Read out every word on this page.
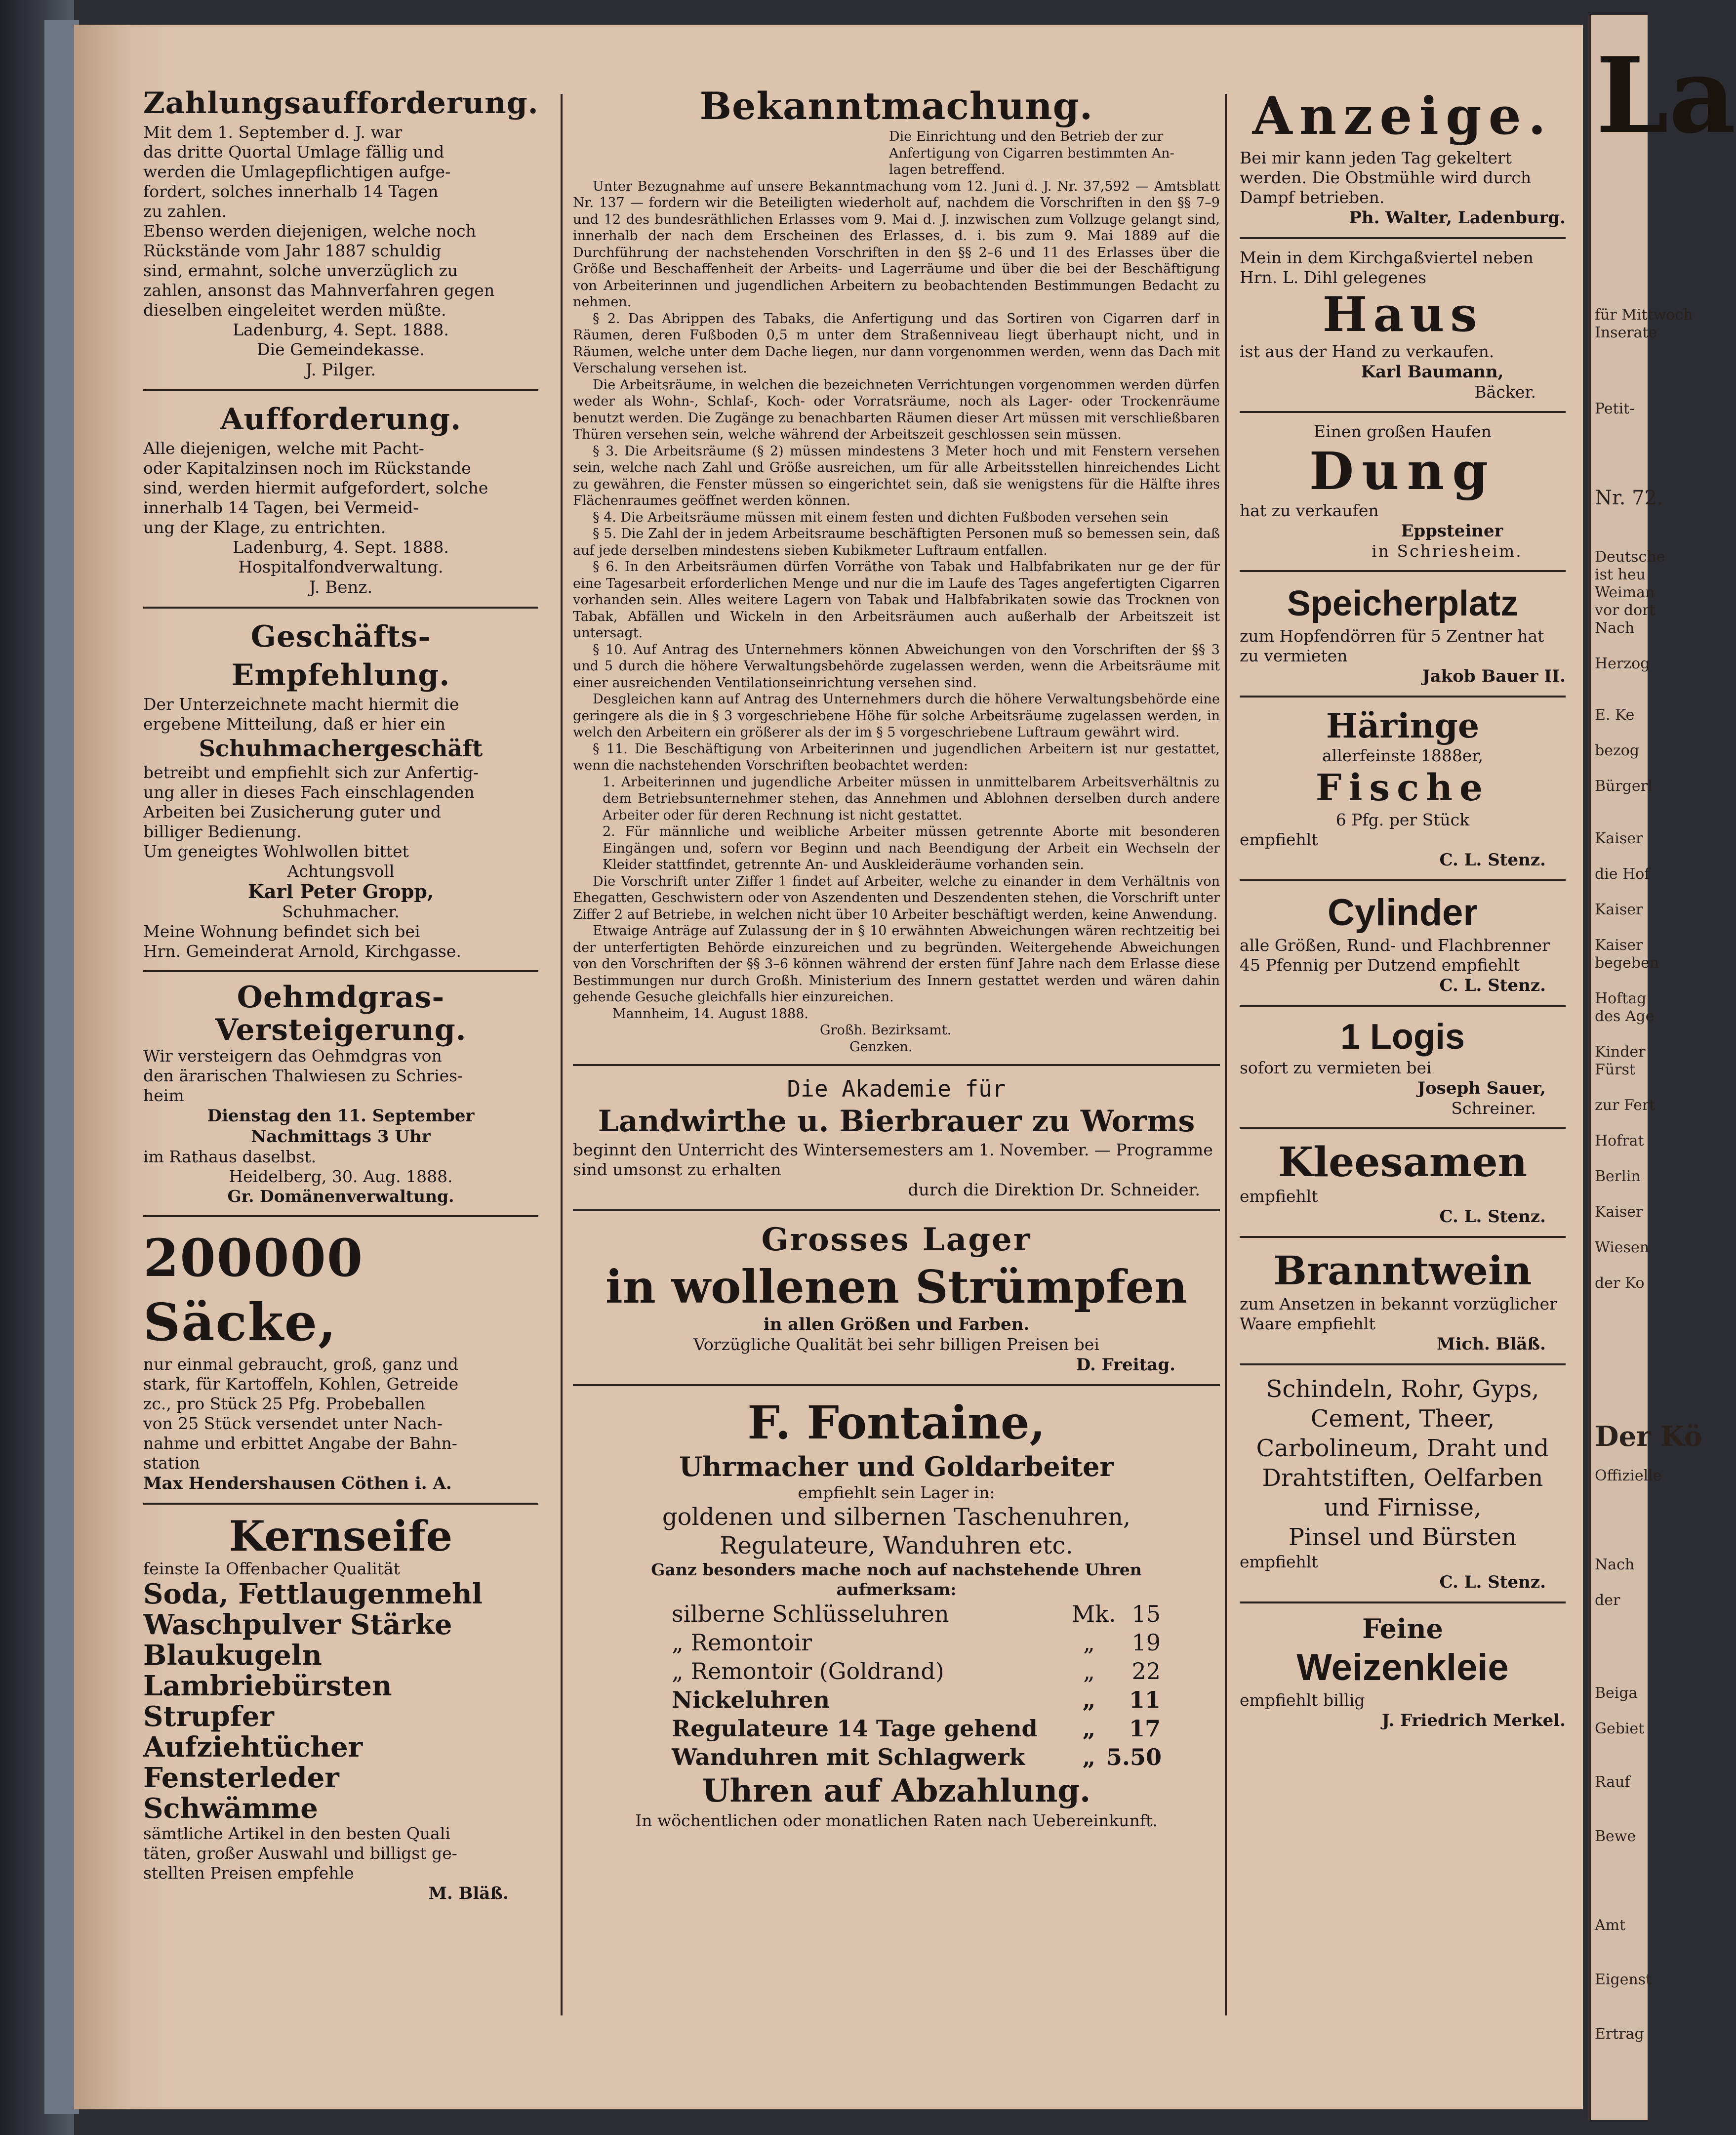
Zahlungsaufforderung.
Mit dem 1. September d. J. war
das dritte Quortal Umlage fällig und
werden die Umlagepflichtigen aufge-
fordert, solches innerhalb 14 Tagen
zu zahlen.
Ebenso werden diejenigen, welche noch
Rückstände vom Jahr 1887 schuldig
sind, ermahnt, solche unverzüglich zu
zahlen, ansonst das Mahnverfahren gegen
dieselben eingeleitet werden müßte.
Ladenburg, 4. Sept. 1888.
Die Gemeindekasse.
J. Pilger.
Aufforderung.
Alle diejenigen, welche mit Pacht-
oder Kapitalzinsen noch im Rückstande
sind, werden hiermit aufgefordert, solche
innerhalb 14 Tagen, bei Vermeid-
ung der Klage, zu entrichten.
Ladenburg, 4. Sept. 1888.
Hospitalfondverwaltung.
J. Benz.
Geschäfts-Empfehlung.
Der Unterzeichnete macht hiermit die
ergebene Mitteilung, daß er hier ein
Schuhmachergeschäft
betreibt und empfiehlt sich zur Anfertig-
ung aller in dieses Fach einschlagenden
Arbeiten bei Zusicherung guter und
billiger Bedienung.
Um geneigtes Wohlwollen bittet
Achtungsvoll
Karl Peter Gropp,
Schuhmacher.
Meine Wohnung befindet sich bei
Hrn. Gemeinderat Arnold, Kirchgasse.
Oehmdgras-
Versteigerung.
Wir versteigern das Oehmdgras von
den ärarischen Thalwiesen zu Schries-
heim
Dienstag den 11. September
Nachmittags 3 Uhr
im Rathaus daselbst.
Heidelberg, 30. Aug. 1888.
Gr. Domänenverwaltung.
200000 Säcke,
nur einmal gebraucht, groß, ganz und
stark, für Kartoffeln, Kohlen, Getreide
zc., pro Stück 25 Pfg. Probeballen
von 25 Stück versendet unter Nach-
nahme und erbittet Angabe der Bahn-
station
Max Hendershausen Cöthen i. A.
Kernseife
feinste Ia Offenbacher Qualität
Soda, Fettlaugenmehl
Waschpulver Stärke
Blaukugeln
Lambriebürsten
Strupfer
Aufziehtücher
Fensterleder
Schwämme
sämtliche Artikel in den besten Quali
täten, großer Auswahl und billigst ge-
stellten Preisen empfehle
M. Bläß.
Bekanntmachung.
Die Einrichtung und den Betrieb der zur
Anfertigung von Cigarren bestimmten An-
lagen betreffend.

Unter Bezugnahme auf unsere Bekanntmachung vom 12. Juni d. J. Nr. 37,592 — Amtsblatt Nr. 137 — fordern wir die Beteiligten wiederholt auf, nachdem die Vorschriften in den §§ 7–9 und 12 des bundesräthlichen Erlasses vom 9. Mai d. J. inzwischen zum Vollzuge gelangt sind, innerhalb der nach dem Erscheinen des Erlasses, d. i. bis zum 9. Mai 1889 auf die Durchführung der nachstehenden Vorschriften in den §§ 2–6 und 11 des Erlasses über die Größe und Beschaffenheit der Arbeits- und Lagerräume und über die bei der Beschäftigung von Arbeiterinnen und jugendlichen Arbeitern zu beobachtenden Bestimmungen Bedacht zu nehmen.

§ 2. Das Abrippen des Tabaks, die Anfertigung und das Sortiren von Cigarren darf in Räumen, deren Fußboden 0,5 m unter dem Straßenniveau liegt überhaupt nicht, und in Räumen, welche unter dem Dache liegen, nur dann vorgenommen werden, wenn das Dach mit Verschalung versehen ist.

Die Arbeitsräume, in welchen die bezeichneten Verrichtungen vorgenommen werden dürfen weder als Wohn-, Schlaf-, Koch- oder Vorratsräume, noch als Lager- oder Trockenräume benutzt werden. Die Zugänge zu benachbarten Räumen dieser Art müssen mit verschließbaren Thüren versehen sein, welche während der Arbeitszeit geschlossen sein müssen.

§ 3. Die Arbeitsräume (§ 2) müssen mindestens 3 Meter hoch und mit Fenstern versehen sein, welche nach Zahl und Größe ausreichen, um für alle Arbeitsstellen hinreichendes Licht zu gewähren, die Fenster müssen so eingerichtet sein, daß sie wenigstens für die Hälfte ihres Flächenraumes geöffnet werden können.

§ 4. Die Arbeitsräume müssen mit einem festen und dichten Fußboden versehen sein

§ 5. Die Zahl der in jedem Arbeitsraume beschäftigten Personen muß so bemessen sein, daß auf jede derselben mindestens sieben Kubikmeter Luftraum entfallen.

§ 6. In den Arbeitsräumen dürfen Vorräthe von Tabak und Halbfabrikaten nur ge der für eine Tagesarbeit erforderlichen Menge und nur die im Laufe des Tages angefertigten Cigarren vorhanden sein. Alles weitere Lagern von Tabak und Halbfabrikaten sowie das Trocknen von Tabak, Abfällen und Wickeln in den Arbeitsräumen auch außerhalb der Arbeitszeit ist untersagt.

§ 10. Auf Antrag des Unternehmers können Abweichungen von den Vorschriften der §§ 3 und 5 durch die höhere Verwaltungsbehörde zugelassen werden, wenn die Arbeitsräume mit einer ausreichenden Ventilationseinrichtung versehen sind.

Desgleichen kann auf Antrag des Unternehmers durch die höhere Verwaltungsbehörde eine geringere als die in § 3 vorgeschriebene Höhe für solche Arbeitsräume zugelassen werden, in welch den Arbeitern ein größerer als der im § 5 vorgeschriebene Luftraum gewährt wird.

§ 11. Die Beschäftigung von Arbeiterinnen und jugendlichen Arbeitern ist nur gestattet, wenn die nachstehenden Vorschriften beobachtet werden:

1. Arbeiterinnen und jugendliche Arbeiter müssen in unmittelbarem Arbeitsverhältnis zu dem Betriebsunternehmer stehen, das Annehmen und Ablohnen derselben durch andere Arbeiter oder für deren Rechnung ist nicht gestattet.

2. Für männliche und weibliche Arbeiter müssen getrennte Aborte mit besonderen Eingängen und, sofern vor Beginn und nach Beendigung der Arbeit ein Wechseln der Kleider stattfindet, getrennte An- und Auskleideräume vorhanden sein.

Die Vorschrift unter Ziffer 1 findet auf Arbeiter, welche zu einander in dem Verhältnis von Ehegatten, Geschwistern oder von Aszendenten und Deszendenten stehen, die Vorschrift unter Ziffer 2 auf Betriebe, in welchen nicht über 10 Arbeiter beschäftigt werden, keine Anwendung.

Etwaige Anträge auf Zulassung der in § 10 erwähnten Abweichungen wären rechtzeitig bei der unterfertigten Behörde einzureichen und zu begründen. Weitergehende Abweichungen von den Vorschriften der §§ 3–6 können während der ersten fünf Jahre nach dem Erlasse diese Bestimmungen nur durch Großh. Ministerium des Innern gestattet werden und wären dahin gehende Gesuche gleichfalls hier einzureichen.

Mannheim, 14. August 1888.
Großh. Bezirksamt.
Genzken.
Die Akademie für
Landwirthe u. Bierbrauer zu Worms
beginnt den Unterricht des Wintersemesters am 1. November. — Programme
sind umsonst zu erhalten
durch die Direktion Dr. Schneider.
Grosses Lager
in wollenen Strümpfen
in allen Größen und Farben.
Vorzügliche Qualität bei sehr billigen Preisen bei
D. Freitag.
F. Fontaine,
Uhrmacher und Goldarbeiter
empfiehlt sein Lager in:
goldenen und silbernen Taschenuhren,
Regulateure, Wanduhren etc.
Ganz besonders mache noch auf nachstehende Uhren aufmerksam:
silberne Schlüsseluhren	Mk. 15
„ Remontoir	„	19
„ Remontoir (Goldrand)	„	22
Nickeluhren	„	11
Regulateure 14 Tage gehend	„	17
Wanduhren mit Schlagwerk	„ 5.50
Uhren auf Abzahlung.
In wöchentlichen oder monatlichen Raten nach Uebereinkunft.
Anzeige.
Bei mir kann jeden Tag gekeltert
werden. Die Obstmühle wird durch
Dampf betrieben.
Ph. Walter, Ladenburg.
Mein in dem Kirchgaßviertel neben
Hrn. L. Dihl gelegenes
Haus
ist aus der Hand zu verkaufen.
Karl Baumann,
Bäcker.
Einen großen Haufen
Dung
hat zu verkaufen
Eppsteiner
in Schriesheim.
Speicherplatz
zum Hopfendörren für 5 Zentner hat
zu vermieten
Jakob Bauer II.
Häringe
allerfeinste 1888er,
Fische
6 Pfg. per Stück
empfiehlt
C. L. Stenz.
Cylinder
alle Größen, Rund- und Flachbrenner
45 Pfennig per Dutzend empfiehlt
C. L. Stenz.
1 Logis
sofort zu vermieten bei
Joseph Sauer,
Schreiner.
Kleesamen
empfiehlt
C. L. Stenz.
Branntwein
zum Ansetzen in bekannt vorzüglicher
Waare empfiehlt
Mich. Bläß.
Schindeln, Rohr, Gyps,
Cement, Theer,
Carbolineum, Draht und
Drahtstiften, Oelfarben
und Firnisse,
Pinsel und Bürsten
empfiehlt
C. L. Stenz.
Feine
Weizenkleie
empfiehlt billig
J. Friedrich Merkel.
La
für Mittwoch
Inserate
Petit-
Nr. 72.
Deutsche
ist heu
Weiman
vor dort
Nach
Herzog
E. Ke
bezog
Bürgerl
Kaiser
die Hof
Kaiser
Kaiser
begeben
Hoftag
des Age
Kinder
Fürst
zur Fert
Hofrat
Berlin
Kaiser
Wiesen
der Ko
Der Kö
Offizielle
Nach
der
Beiga
Gebiet
Rauf
Bewe
Amt
Eigenst
Ertrag
